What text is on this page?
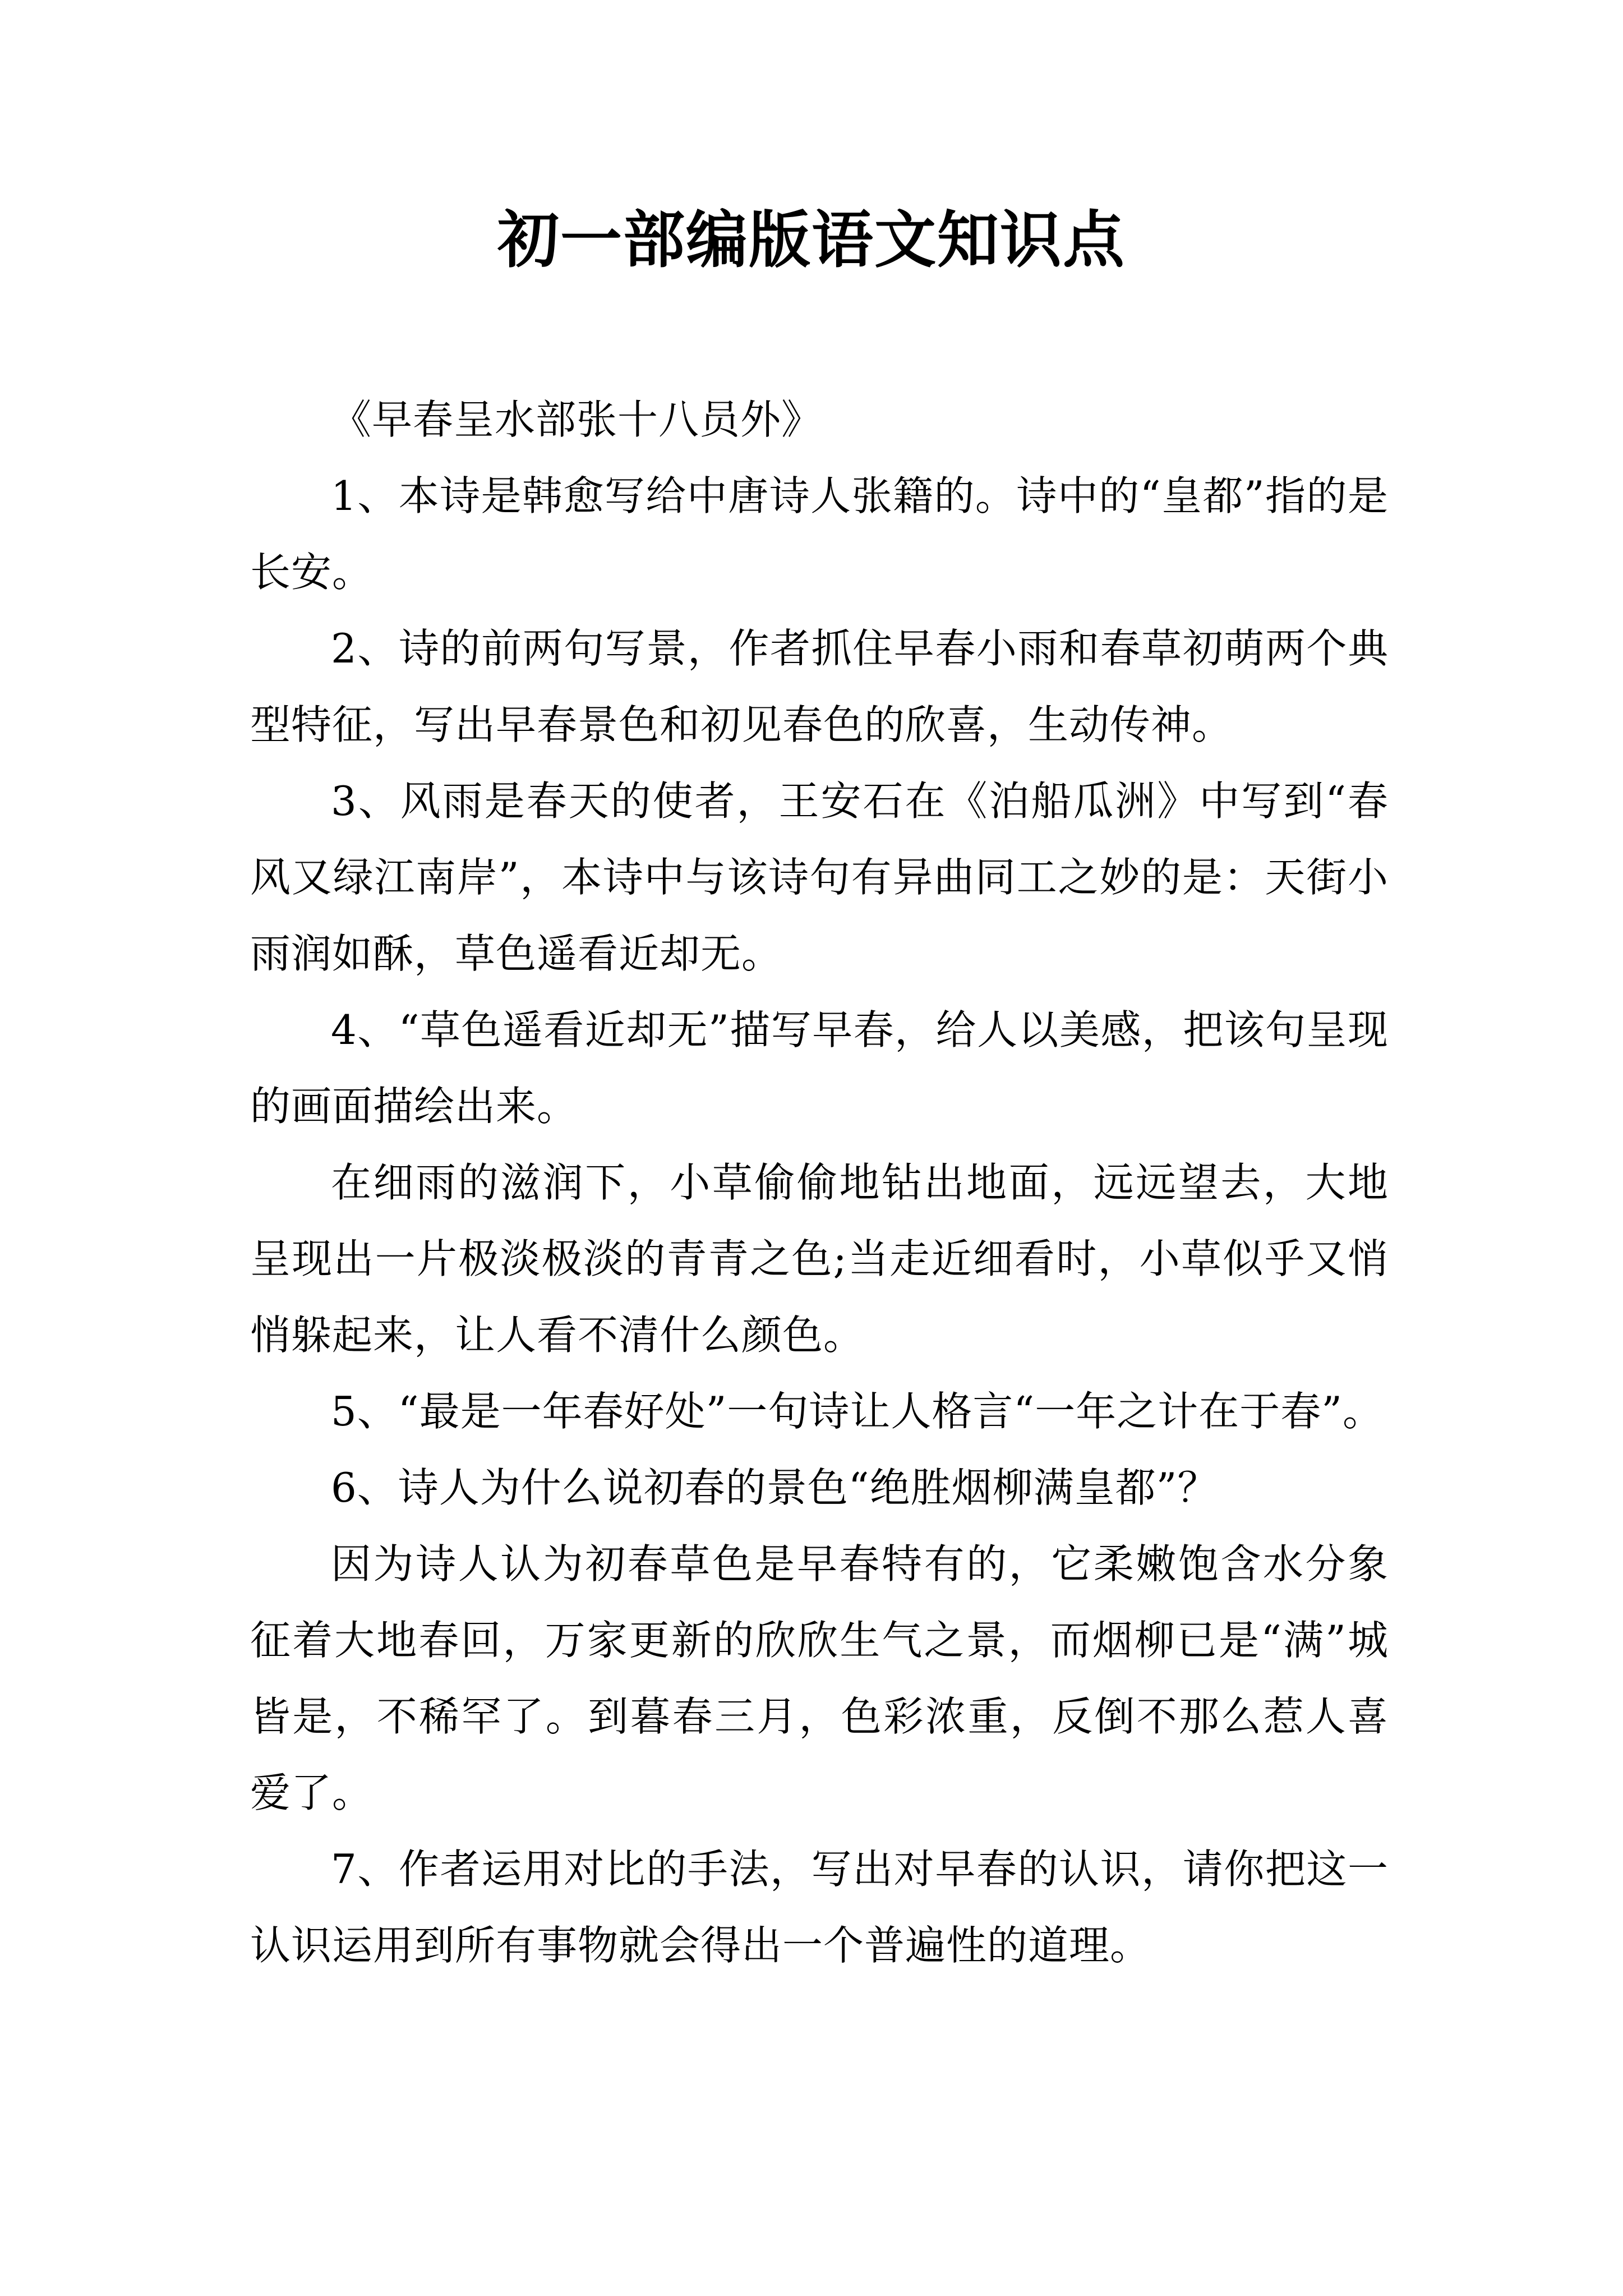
初一部编版语文知识点

《早春呈水部张十八员外》

1、本诗是韩愈写给中唐诗人张籍的。诗中的“皇都”指的是长安。

2、诗的前两句写景，作者抓住早春小雨和春草初萌两个典型特征，写出早春景色和初见春色的欣喜，生动传神。

3、风雨是春天的使者，王安石在《泊船瓜洲》中写到“春风又绿江南岸”，本诗中与该诗句有异曲同工之妙的是：天街小雨润如酥，草色遥看近却无。

4、“草色遥看近却无”描写早春，给人以美感，把该句呈现的画面描绘出来。

在细雨的滋润下，小草偷偷地钻出地面，远远望去，大地呈现出一片极淡极淡的青青之色;当走近细看时，小草似乎又悄悄躲起来，让人看不清什么颜色。

5、“最是一年春好处”一句诗让人格言“一年之计在于春”。

6、诗人为什么说初春的景色“绝胜烟柳满皇都”？

因为诗人认为初春草色是早春特有的，它柔嫩饱含水分象征着大地春回，万家更新的欣欣生气之景，而烟柳已是“满”城皆是，不稀罕了。到暮春三月，色彩浓重，反倒不那么惹人喜爱了。

7、作者运用对比的手法，写出对早春的认识，请你把这一认识运用到所有事物就会得出一个普遍性的道理。
